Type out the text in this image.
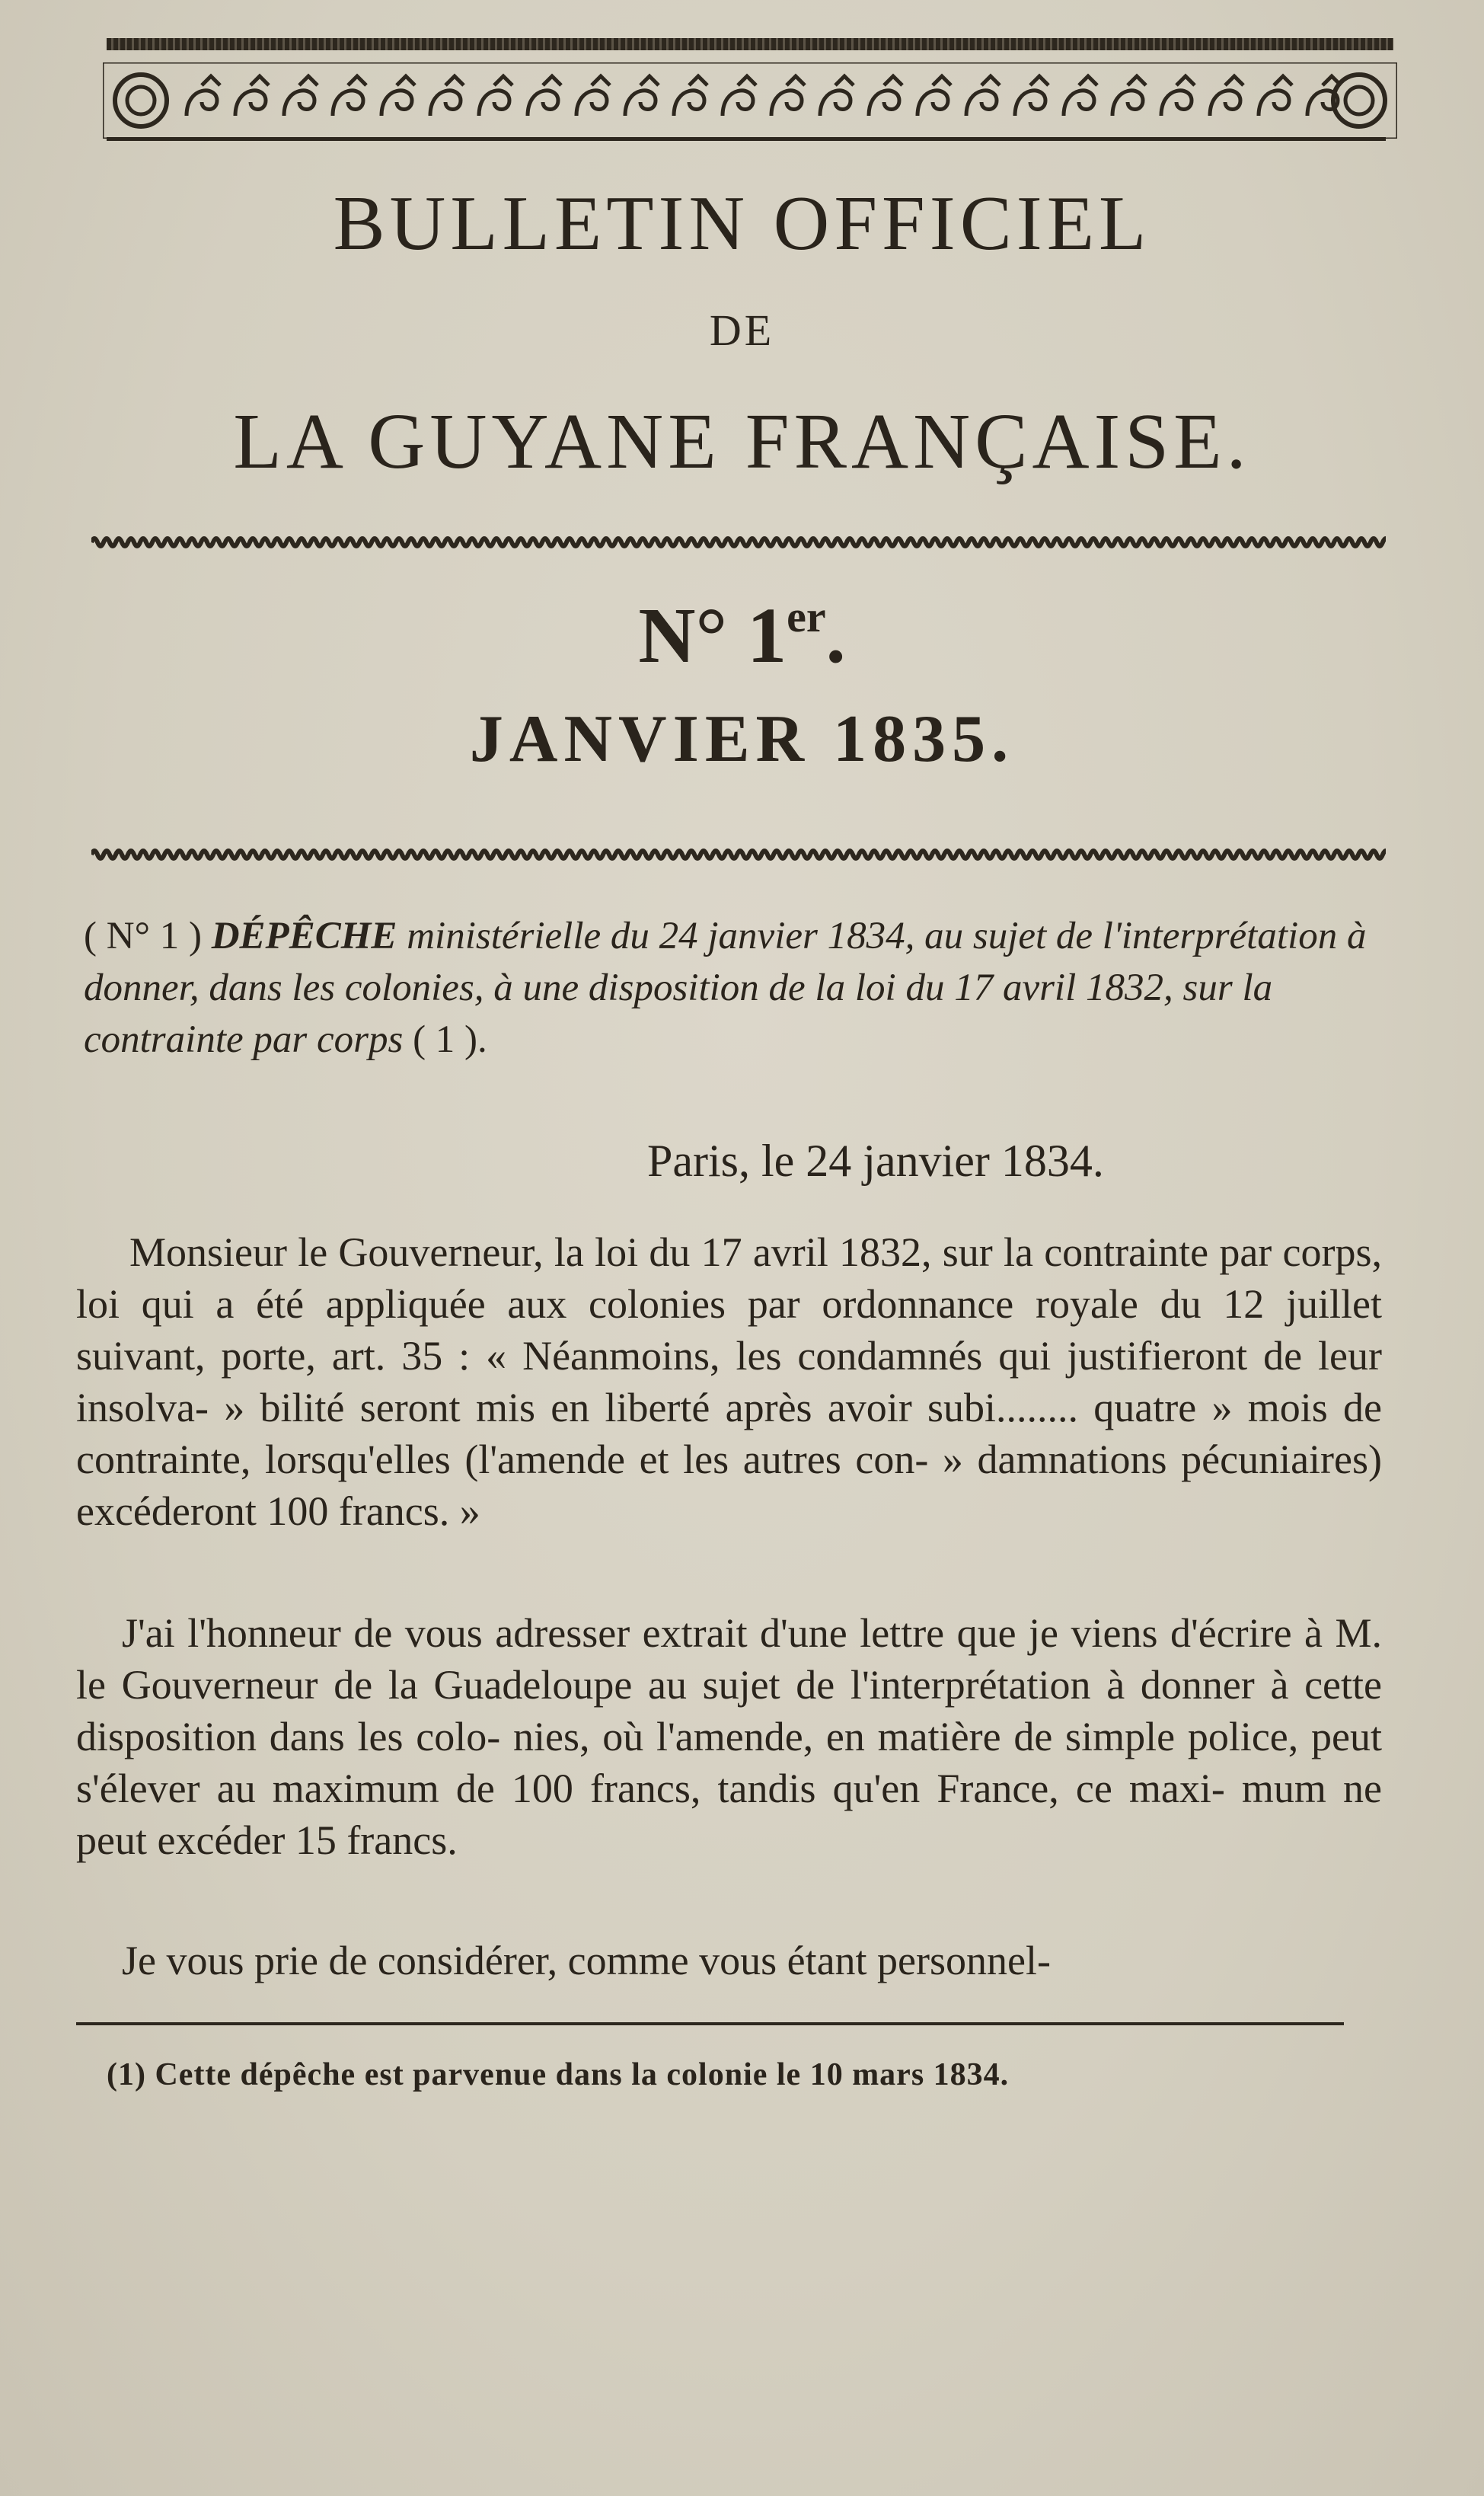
BULLETIN OFFICIEL
DE
LA GUYANE FRANÇAISE.
N° 1er.
JANVIER 1835.
( N° 1 ) DÉPÊCHE ministérielle du 24 janvier 1834, au sujet de l'interprétation à donner, dans les colonies, à une disposition de la loi du 17 avril 1832, sur la contrainte par corps ( 1 ).
Paris, le 24 janvier 1834.
Monsieur le Gouverneur, la loi du 17 avril 1832, sur la contrainte par corps, loi qui a été appliquée aux colonies par ordonnance royale du 12 juillet suivant, porte, art. 35 : « Néanmoins, les condamnés qui justifieront de leur insolva- » bilité seront mis en liberté après avoir subi........ quatre » mois de contrainte, lorsqu'elles (l'amende et les autres con- » damnations pécuniaires) excéderont 100 francs. »
J'ai l'honneur de vous adresser extrait d'une lettre que je viens d'écrire à M. le Gouverneur de la Guadeloupe au sujet de l'interprétation à donner à cette disposition dans les colo- nies, où l'amende, en matière de simple police, peut s'élever au maximum de 100 francs, tandis qu'en France, ce maxi- mum ne peut excéder 15 francs.
Je vous prie de considérer, comme vous étant personnel-
(1) Cette dépêche est parvenue dans la colonie le 10 mars 1834.
